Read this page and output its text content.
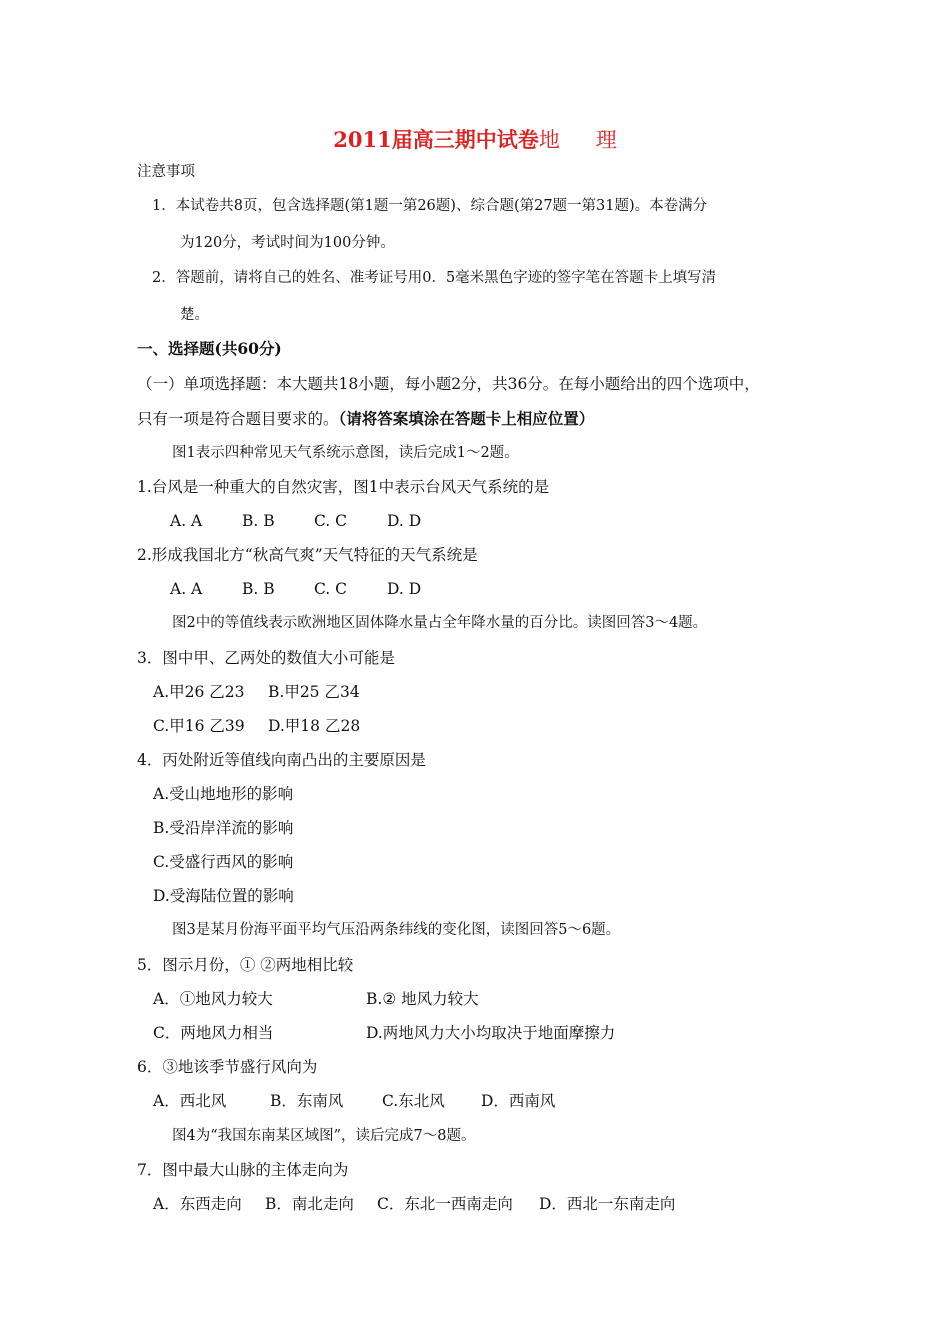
2011届高三期中试卷地 理
注意事项
1．本试卷共8页，包含选择题(第1题一第26题)、综合题(第27题一第31题)。本卷满分
为120分，考试时间为100分钟。
2．答题前，请将自己的姓名、准考证号用0．5毫米黑色字迹的签字笔在答题卡上填写清
楚。
一、选择题(共60分)
（一）单项选择题：本大题共18小题，每小题2分，共36分。在每小题给出的四个选项中，
只有一项是符合题目要求的。（请将答案填涂在答题卡上相应位置）
图1表示四种常见天气系统示意图，读后完成1～2题。
1.台风是一种重大的自然灾害，图1中表示台风天气系统的是
A. A	B. B	C. C	D. D
2.形成我国北方“秋高气爽”天气特征的天气系统是
A. A	B. B	C. C	D. D
图2中的等值线表示欧洲地区固体降水量占全年降水量的百分比。读图回答3～4题。
3．图中甲、乙两处的数值大小可能是
A.甲26 乙23 B.甲25 乙34
C.甲16 乙39 D.甲18 乙28
4．丙处附近等值线向南凸出的主要原因是
A.受山地地形的影响
B.受沿岸洋流的影响
C.受盛行西风的影响
D.受海陆位置的影响
图3是某月份海平面平均气压沿两条纬线的变化图，读图回答5～6题。
5．图示月份，① ②两地相比较
A．①地风力较大	B.② 地风力较大
C．两地风力相当	D.两地风力大小均取决于地面摩擦力
6．③地该季节盛行风向为
A．西北风	B．东南风 C.东北风 D．西南风
图4为“我国东南某区域图”，读后完成7～8题。
7．图中最大山脉的主体走向为
A．东西走向 B．南北走向 C．东北一西南走向 D．西北一东南走向
